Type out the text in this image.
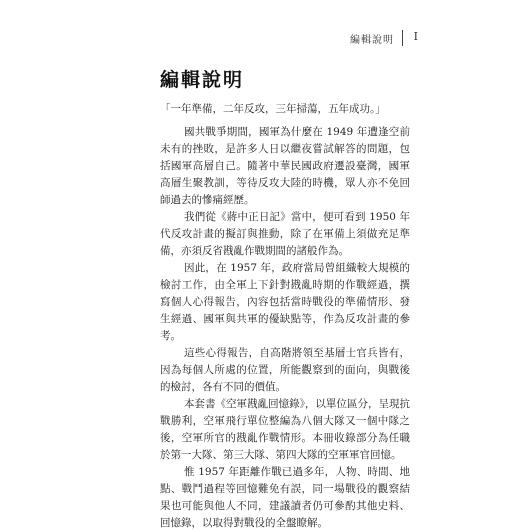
編輯說明 I
編輯說明
「一年準備，二年反攻，三年掃蕩，五年成功。」

國共戰爭期間，國軍為什麼在 1949 年遭逢空前未有的挫敗，是許多人日以繼夜嘗試解答的問題，包括國軍高層自己。隨著中華民國政府遷設臺灣，國軍高層生聚教訓，等待反攻大陸的時機，眾人亦不免回師過去的慘痛經歷。

我們從《蔣中正日記》當中，便可看到 1950 年代反攻計畫的擬訂與推動，除了在軍備上須做充足準備，亦須反省戡亂作戰期間的諸般作為。

因此，在 1957 年，政府當局曾組織較大規模的檢討工作，由全軍上下針對戡亂時期的作戰經過，撰寫個人心得報告，內容包括當時戰役的準備情形、發生經過、國軍與共軍的優缺點等，作為反攻計畫的參考。

這些心得報告，自高階將領至基層士官兵皆有，因為每個人所處的位置，所能觀察到的面向，與戰後的檢討，各有不同的價值。

本套書《空軍戡亂回憶錄》，以單位區分，呈現抗戰勝利，空軍飛行單位整編為八個大隊又一個中隊之後，空軍所官的戡亂作戰情形。本冊收錄部分為任職於第一大隊、第三大隊、第四大隊的空軍軍官回憶。

惟 1957 年距離作戰已過多年，人物、時間、地點、戰鬥過程等回憶難免有誤，同一場戰役的觀察結果也可能與他人不同，建議讀者仍可參酌其他史料、回憶錄，以取得對戰役的全盤瞭解。
